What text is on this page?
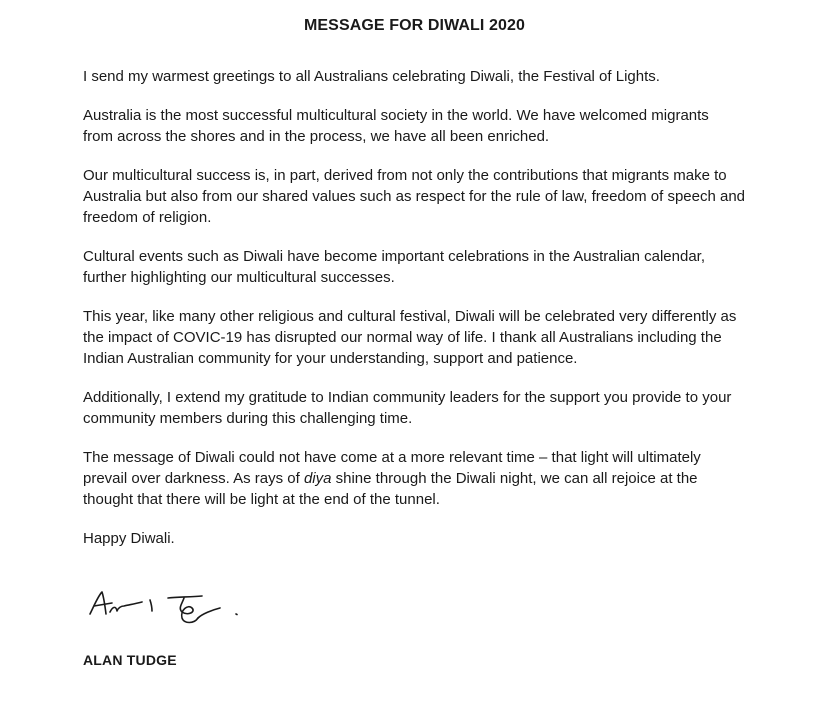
MESSAGE FOR DIWALI 2020

I send my warmest greetings to all Australians celebrating Diwali, the Festival of Lights.

Australia is the most successful multicultural society in the world. We have welcomed migrants
from across the shores and in the process, we have all been enriched.

Our multicultural success is, in part, derived from not only the contributions that migrants make to
Australia but also from our shared values such as respect for the rule of law, freedom of speech and
freedom of religion.

Cultural events such as Diwali have become important celebrations in the Australian calendar,
further highlighting our multicultural successes.

This year, like many other religious and cultural festival, Diwali will be celebrated very differently as
the impact of COVIC-19 has disrupted our normal way of life. I thank all Australians including the
Indian Australian community for your understanding, support and patience.

Additionally, I extend my gratitude to Indian community leaders for the support you provide to your
community members during this challenging time.

The message of Diwali could not have come at a more relevant time – that light will ultimately
prevail over darkness. As rays of diya shine through the Diwali night, we can all rejoice at the
thought that there will be light at the end of the tunnel.

Happy Diwali.

ALAN TUDGE
